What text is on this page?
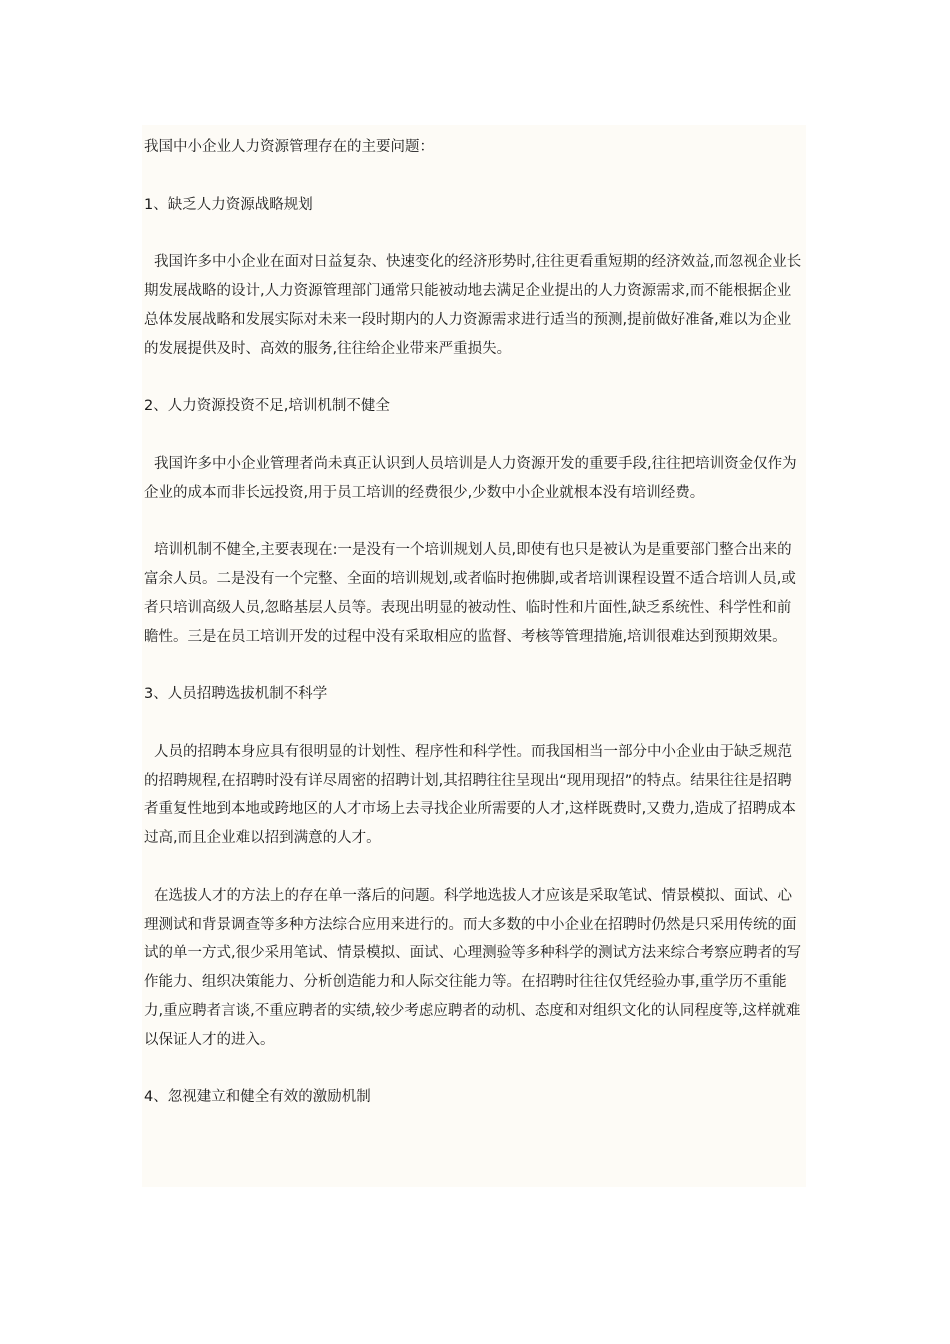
我国中小企业人力资源管理存在的主要问题：

1、缺乏人力资源战略规划

我国许多中小企业在面对日益复杂、快速变化的经济形势时,往往更看重短期的经济效益,而忽视企业长期发展战略的设计,人力资源管理部门通常只能被动地去满足企业提出的人力资源需求,而不能根据企业总体发展战略和发展实际对未来一段时期内的人力资源需求进行适当的预测,提前做好准备,难以为企业的发展提供及时、高效的服务,往往给企业带来严重损失。

2、人力资源投资不足,培训机制不健全

我国许多中小企业管理者尚未真正认识到人员培训是人力资源开发的重要手段,往往把培训资金仅作为企业的成本而非长远投资,用于员工培训的经费很少,少数中小企业就根本没有培训经费。

培训机制不健全,主要表现在:一是没有一个培训规划人员,即使有也只是被认为是重要部门整合出来的富余人员。二是没有一个完整、全面的培训规划,或者临时抱佛脚,或者培训课程设置不适合培训人员,或者只培训高级人员,忽略基层人员等。表现出明显的被动性、临时性和片面性,缺乏系统性、科学性和前瞻性。三是在员工培训开发的过程中没有采取相应的监督、考核等管理措施,培训很难达到预期效果。

3、人员招聘选拔机制不科学

人员的招聘本身应具有很明显的计划性、程序性和科学性。而我国相当一部分中小企业由于缺乏规范的招聘规程,在招聘时没有详尽周密的招聘计划,其招聘往往呈现出“现用现招”的特点。结果往往是招聘者重复性地到本地或跨地区的人才市场上去寻找企业所需要的人才,这样既费时,又费力,造成了招聘成本过高,而且企业难以招到满意的人才。

在选拔人才的方法上的存在单一落后的问题。科学地选拔人才应该是采取笔试、情景模拟、面试、心理测试和背景调查等多种方法综合应用来进行的。而大多数的中小企业在招聘时仍然是只采用传统的面试的单一方式,很少采用笔试、情景模拟、面试、心理测验等多种科学的测试方法来综合考察应聘者的写作能力、组织决策能力、分析创造能力和人际交往能力等。在招聘时往往仅凭经验办事,重学历不重能力,重应聘者言谈,不重应聘者的实绩,较少考虑应聘者的动机、态度和对组织文化的认同程度等,这样就难以保证人才的进入。

4、忽视建立和健全有效的激励机制
